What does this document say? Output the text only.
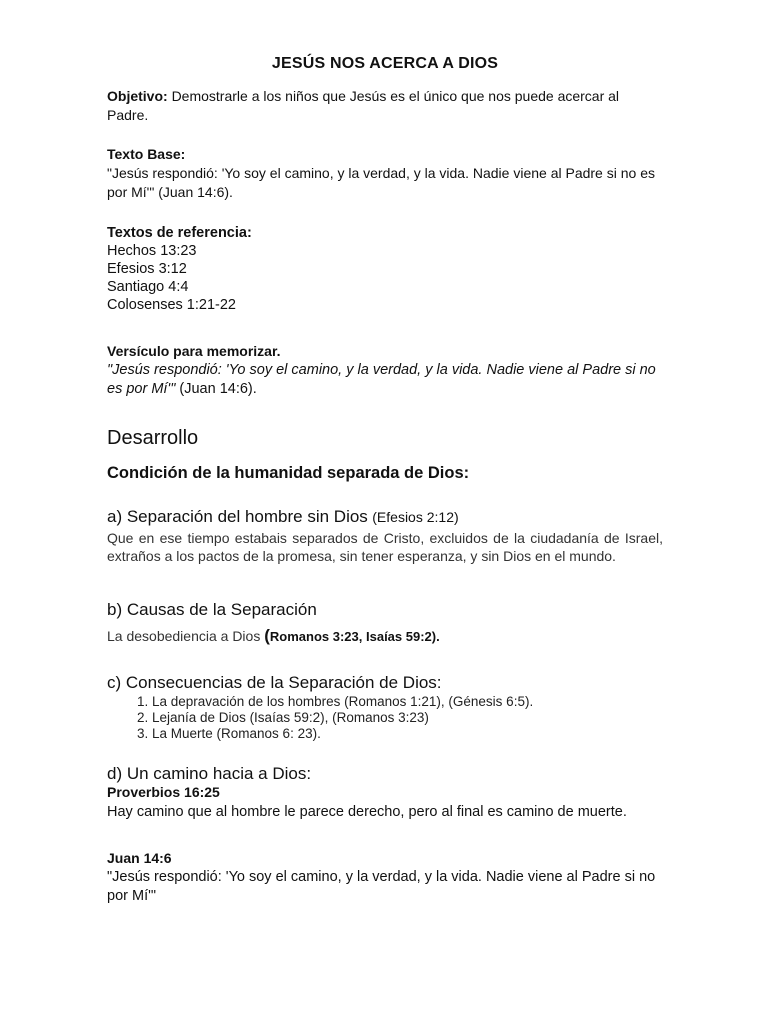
JESÚS NOS ACERCA A DIOS
Objetivo: Demostrarle a los niños que Jesús es el único que nos puede acercar al Padre.
Texto Base:
"Jesús respondió: 'Yo soy el camino, y la verdad, y la vida. Nadie viene al Padre si no es por Mí'" (Juan 14:6).
Textos de referencia:
Hechos 13:23
Efesios 3:12
Santiago 4:4
Colosenses 1:21-22
Versículo para memorizar.
"Jesús respondió: 'Yo soy el camino, y la verdad, y la vida. Nadie viene al Padre si no es por Mí'" (Juan 14:6).
Desarrollo
Condición de la humanidad separada de Dios:
a) Separación del hombre sin Dios (Efesios 2:12)
Que en ese tiempo estabais separados de Cristo, excluidos de la ciudadanía de Israel, extraños a los pactos de la promesa, sin tener esperanza, y sin Dios en el mundo.
b) Causas de la Separación
La desobediencia a Dios (Romanos 3:23, Isaías 59:2).
c) Consecuencias de la Separación de Dios:
1. La depravación de los hombres (Romanos 1:21), (Génesis 6:5).
2. Lejanía de Dios (Isaías 59:2), (Romanos 3:23)
3. La Muerte (Romanos 6: 23).
d) Un camino hacia a Dios:
Proverbios 16:25
Hay camino que al hombre le parece derecho, pero al final es camino de muerte.
Juan 14:6
"Jesús respondió: 'Yo soy el camino, y la verdad, y la vida. Nadie viene al Padre si no por Mí'"
